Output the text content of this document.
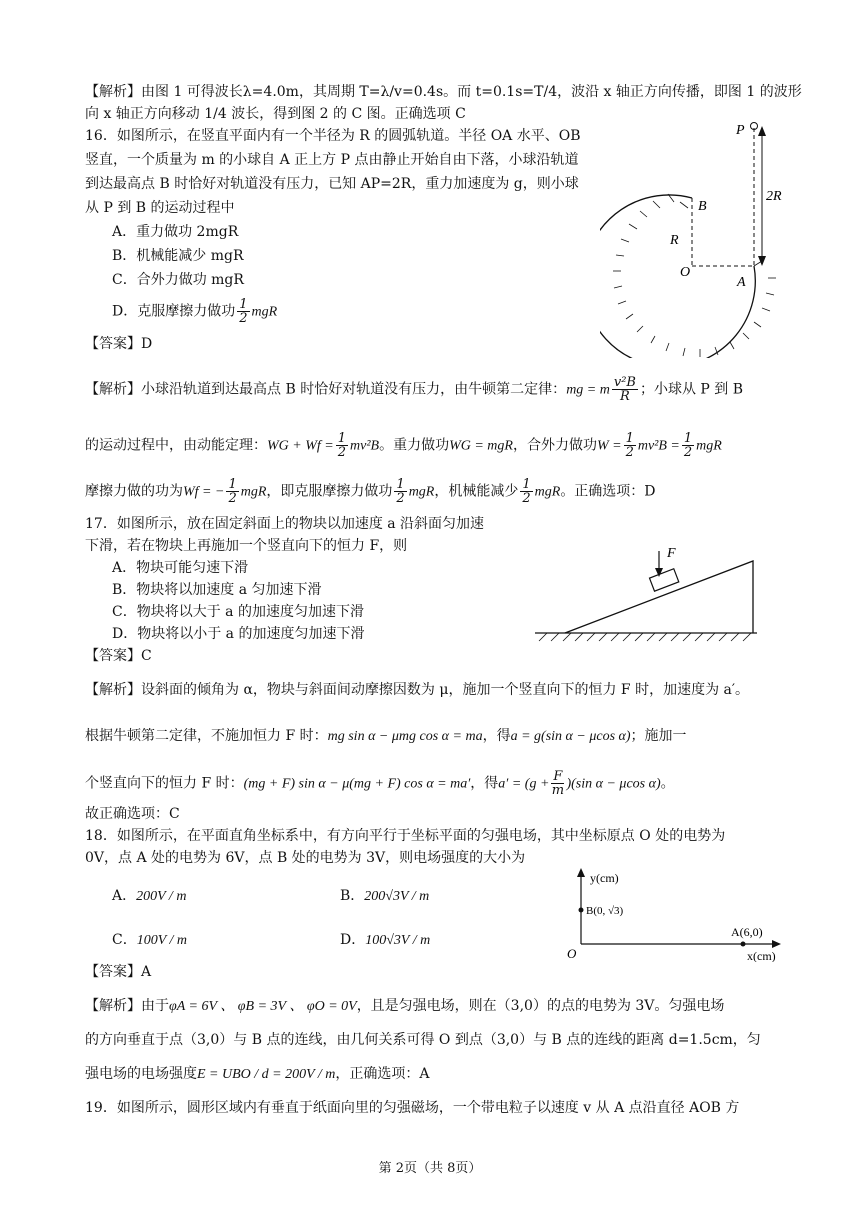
【解析】由图 1 可得波长λ=4.0m，其周期 T=λ/v=0.4s。而 t=0.1s=T/4，波沿 x 轴正方向传播，即图 1 的波形
向 x 轴正方向移动 1/4 波长，得到图 2 的 C 图。正确选项 C
16．如图所示，在竖直平面内有一个半径为 R 的圆弧轨道。半径 OA 水平、OB
竖直，一个质量为 m 的小球自 A 正上方 P 点由静止开始自由下落，小球沿轨道
到达最高点 B 时恰好对轨道没有压力，已知 AP=2R，重力加速度为 g，则小球
从 P 到 B 的运动过程中
A．重力做功 2mgR
B．机械能减少 mgR
C．合外力做功 mgR
D．克服摩擦力做功 $\frac{1}{2}$ mgR
【答案】D
P
B
R
2R
O
A
【解析】小球沿轨道到达最高点 B 时恰好对轨道没有压力，由牛顿第二定律：mg = m $\frac{\text{v²B}}{R}$ ；小球从 P 到 B
的运动过程中，由动能定理：WG + $Wf = \frac{1}{2} mv^2B$。重力做功WG = mgR，合外力做功$W = \frac{1}{2} mv^2B = \frac{1}{2}$ mgR
摩擦力做的功为Wf = − $\frac{1}{2}$ mgR，即克服摩擦力做功 $\frac{1}{2}$ mgR，机械能减少 $\frac{1}{2}$ mgR。正确选项：D
17．如图所示，放在固定斜面上的物块以加速度 a 沿斜面匀加速
下滑，若在物块上再施加一个竖直向下的恒力 F，则
A．物块可能匀速下滑
B．物块将以加速度 a 匀加速下滑
C．物块将以大于 a 的加速度匀加速下滑
D．物块将以小于 a 的加速度匀加速下滑
【答案】C
F
【解析】设斜面的倾角为 α，物块与斜面间动摩擦因数为 μ，施加一个竖直向下的恒力 F 时，加速度为 a′。
根据牛顿第二定律，不施加恒力 F 时：mg sin α − μmg cos α = ma，得a = g(sin α − μcos α)；施加一
个竖直向下的恒力 F 时：(mg + F) sin α − μ(mg + F) cos α = ma′，得$a' = (g + \frac{F}{m} )(\sin$ α − μcos α)。
故正确选项：C
18．如图所示，在平面直角坐标系中，有方向平行于坐标平面的匀强电场，其中坐标原点 O 处的电势为
0V，点 A 处的电势为 6V，点 B 处的电势为 3V，则电场强度的大小为
A．200V / m	B．200√3V / m
C．100V / m	D．100√3V / m
【答案】A
y(cm)
x(cm)
O
B(0, √3)
A(6,0)
【解析】由于φA = 6V 、 φB = 3V 、 φO = 0V，且是匀强电场，则在（3,0）的点的电势为 3V。匀强电场
的方向垂直于点（3,0）与 B 点的连线，由几何关系可得 O 到点（3,0）与 B 点的连线的距离 d=1.5cm，匀
强电场的电场强度E = UBO / d = 200V / m，正确选项：A
19．如图所示，圆形区域内有垂直于纸面向里的匀强磁场，一个带电粒子以速度 v 从 A 点沿直径 AOB 方
第 2页（共 8页）
